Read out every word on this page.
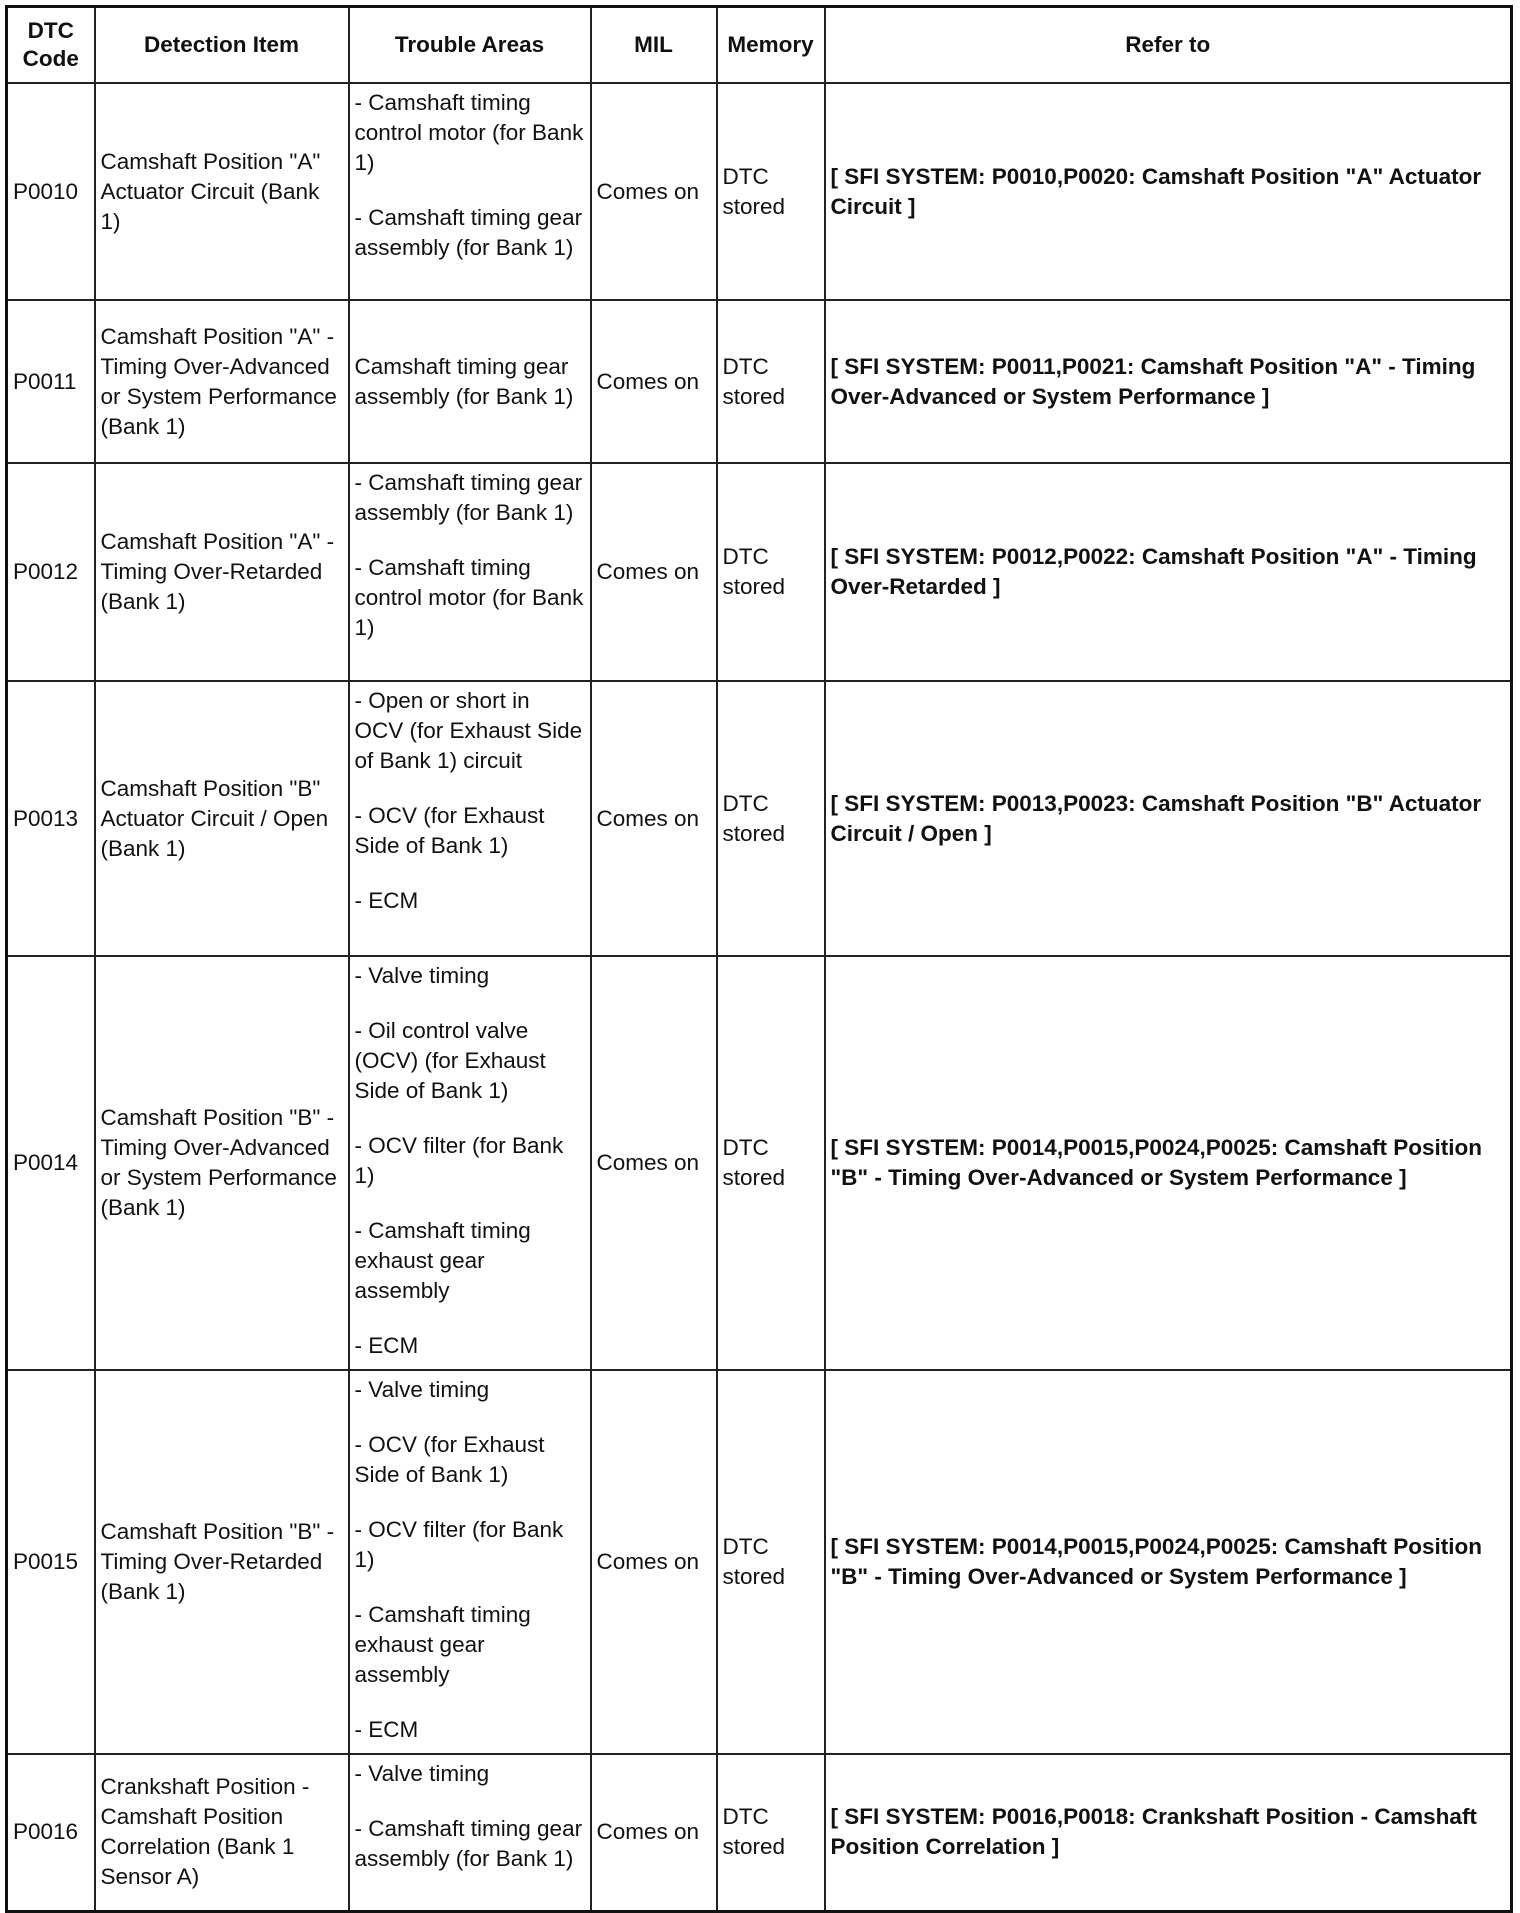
DTC Code	Detection Item	Trouble Areas	MIL	Memory	Refer to
P0010	Camshaft Position "A" Actuator Circuit (Bank 1)	- Camshaft timing control motor (for Bank 1)
- Camshaft timing gear assembly (for Bank 1)	Comes on	DTC stored	[ SFI SYSTEM: P0010,P0020: Camshaft Position "A" Actuator Circuit ]
P0011	Camshaft Position "A" - Timing Over-Advanced or System Performance (Bank 1)	Camshaft timing gear assembly (for Bank 1)	Comes on	DTC stored	[ SFI SYSTEM: P0011,P0021: Camshaft Position "A" - Timing Over-Advanced or System Performance ]
P0012	Camshaft Position "A" - Timing Over-Retarded (Bank 1)	- Camshaft timing gear assembly (for Bank 1)
- Camshaft timing control motor (for Bank 1)	Comes on	DTC stored	[ SFI SYSTEM: P0012,P0022: Camshaft Position "A" - Timing Over-Retarded ]
P0013	Camshaft Position "B" Actuator Circuit / Open (Bank 1)	- Open or short in OCV (for Exhaust Side of Bank 1) circuit
- OCV (for Exhaust Side of Bank 1)
- ECM	Comes on	DTC stored	[ SFI SYSTEM: P0013,P0023: Camshaft Position "B" Actuator Circuit / Open ]
P0014	Camshaft Position "B" - Timing Over-Advanced or System Performance (Bank 1)	- Valve timing
- Oil control valve (OCV) (for Exhaust Side of Bank 1)
- OCV filter (for Bank 1)
- Camshaft timing exhaust gear assembly
- ECM	Comes on	DTC stored	[ SFI SYSTEM: P0014,P0015,P0024,P0025: Camshaft Position "B" - Timing Over-Advanced or System Performance ]
P0015	Camshaft Position "B" - Timing Over-Retarded (Bank 1)	- Valve timing
- OCV (for Exhaust Side of Bank 1)
- OCV filter (for Bank 1)
- Camshaft timing exhaust gear assembly
- ECM	Comes on	DTC stored	[ SFI SYSTEM: P0014,P0015,P0024,P0025: Camshaft Position "B" - Timing Over-Advanced or System Performance ]
P0016	Crankshaft Position - Camshaft Position Correlation (Bank 1 Sensor A)	- Valve timing
- Camshaft timing gear assembly (for Bank 1)	Comes on	DTC stored	[ SFI SYSTEM: P0016,P0018: Crankshaft Position - Camshaft Position Correlation ]
